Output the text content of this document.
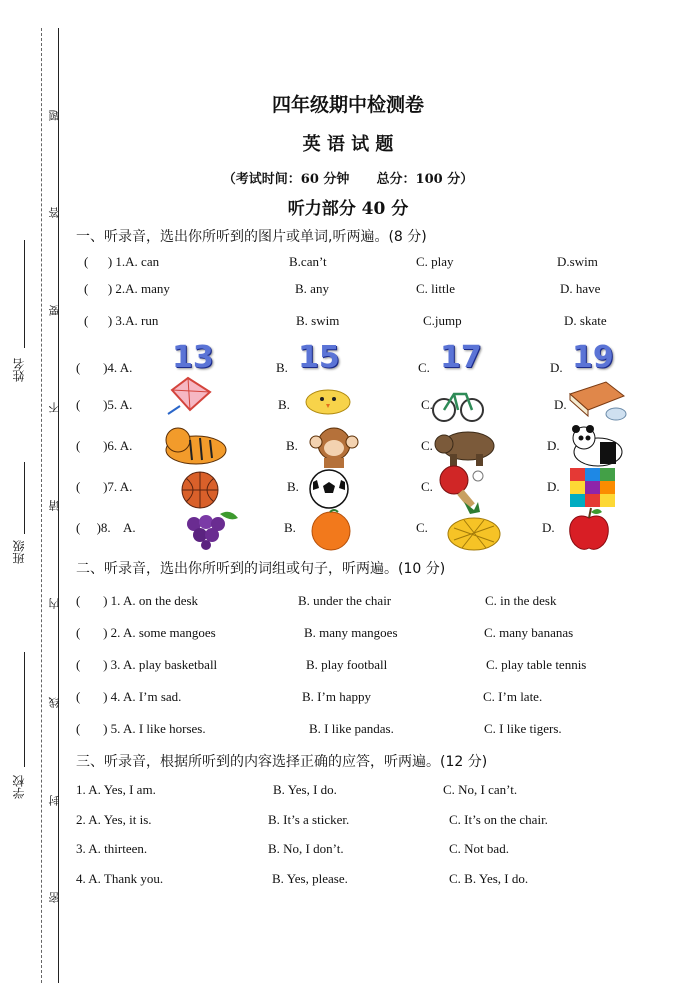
题
答
要
不
请
内
线
封
密
姓名
班级
学校
四年级期中检测卷
英 语 试 题
（考试时间：60 分钟      总分：100 分）
听力部分 40 分
一、听录音，选出你所听到的图片或单词,听两遍。(8 分)
(      ) 1.A. can	B.can’t	C. play	D.swim
(      ) 2.A. many	B. any	C. little	D. have
(      ) 3.A. run	B. swim	C.jump	D. skate
(       )4. A. 13	B. 15	C. 17	D. 19
(       )5. A.	B.	C.	D.
(       )6. A.	B.	C.	D.
(       )7. A.	B.	C.	D.
(     )8.    A.	B.	C.	D.
二、听录音，选出你所听到的词组或句子，听两遍。(10 分)
(       ) 1. A. on the desk	B. under the chair	C. in the desk
(       ) 2. A. some mangoes	B. many mangoes	C. many bananas
(       ) 3. A. play basketball	B. play football	C. play table tennis
(       ) 4. A. I’m sad.	B. I’m happy	C. I’m late.
(       ) 5. A. I like horses.	B. I like pandas.	C. I like tigers.
三、听录音，根据所听到的内容选择正确的应答，听两遍。(12 分)
1. A. Yes, I am.	B. Yes, I do.	C. No, I can’t.
2. A. Yes, it is.	B. It’s a sticker.	C. It’s on the chair.
3. A. thirteen.	B. No, I don’t.	C. Not bad.
4. A. Thank you.	B. Yes, please.	C. B. Yes, I do.
